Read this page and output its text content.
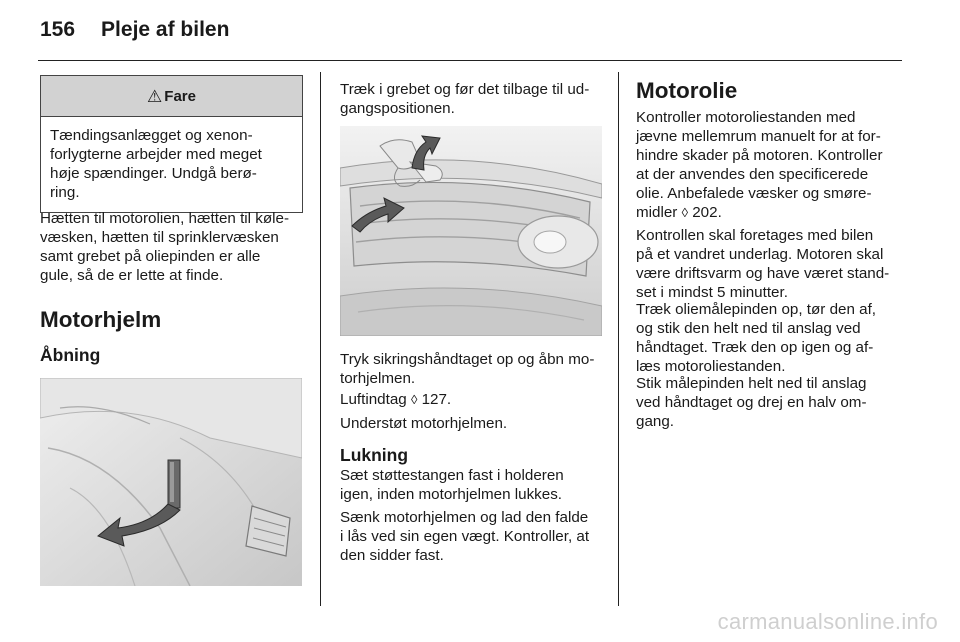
156 Pleje af bilen
⚠ Fare
Tændingsanlægget og xenon-
forlygterne arbejder med meget
høje spændinger. Undgå berø-
ring.
Hætten til motorolien, hætten til køle-
væsken, hætten til sprinklervæsken
samt grebet på oliepinden er alle
gule, så de er lette at finde.
Motorhjelm
Åbning
Træk i grebet og før det tilbage til ud-
gangspositionen.
Tryk sikringshåndtaget op og åbn mo-
torhjelmen.
Luftindtag ◊ 127.
Understøt motorhjelmen.
Lukning
Sæt støttestangen fast i holderen
igen, inden motorhjelmen lukkes.
Sænk motorhjelmen og lad den falde
i lås ved sin egen vægt. Kontroller, at
den sidder fast.
Motorolie
Kontroller motoroliestanden med
jævne mellemrum manuelt for at for-
hindre skader på motoren. Kontroller
at der anvendes den specificerede
olie. Anbefalede væsker og smøre-
midler ◊ 202.
Kontrollen skal foretages med bilen
på et vandret underlag. Motoren skal
være driftsvarm og have været stand-
set i mindst 5 minutter.
Træk oliemålepinden op, tør den af,
og stik den helt ned til anslag ved
håndtaget. Træk den op igen og af-
læs motoroliestanden.
Stik målepinden helt ned til anslag
ved håndtaget og drej en halv om-
gang.
carmanualsonline.info
